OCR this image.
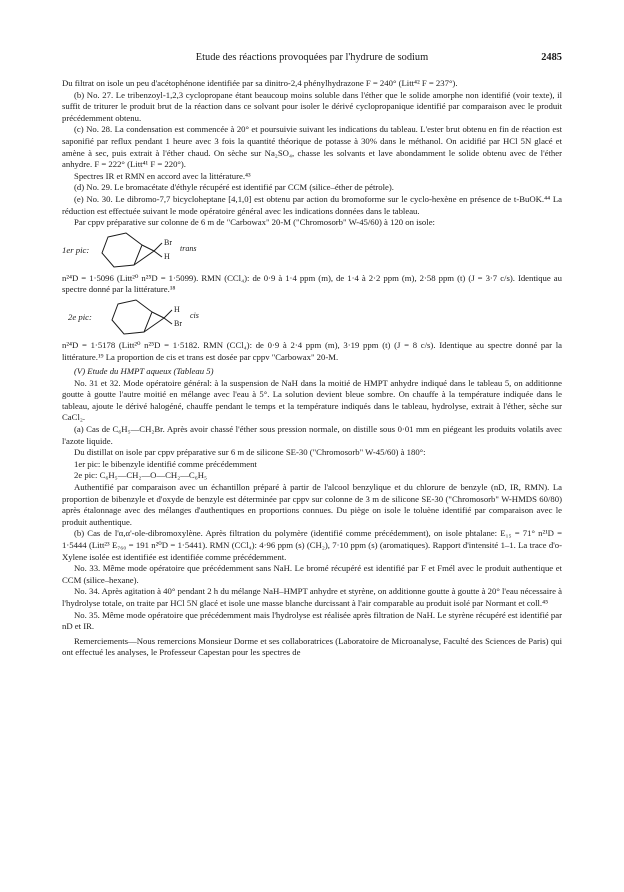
Etude des réactions provoquées par l'hydrure de sodium	2485

Du filtrat on isole un peu d'acétophénone identifiée par sa dinitro-2,4 phénylhydrazone F = 240° (Litt⁴² F = 237°).

(b) No. 27. Le tribenzoyl-1,2,3 cyclopropane étant beaucoup moins soluble dans l'éther que le solide amorphe non identifié (voir texte), il suffit de triturer le produit brut de la réaction dans ce solvant pour isoler le dérivé cyclopropanique identifié par comparaison avec le produit précédemment obtenu.

(c) No. 28. La condensation est commencée à 20° et poursuivie suivant les indications du tableau. L'ester brut obtenu en fin de réaction est saponifié par reflux pendant 1 heure avec 3 fois la quantité théorique de potasse à 30% dans le méthanol. On acidifié par HCl 5N glacé et amène à sec, puis extrait à l'éther chaud. On sèche sur Na₂SO₄, chasse les solvants et lave abondamment le solide obtenu avec de l'éther anhydre. F = 222° (Litt⁴¹ F = 220°).

Spectres IR et RMN en accord avec la littérature.⁴³

(d) No. 29. Le bromacétate d'éthyle récupéré est identifié par CCM (silice–éther de pétrole).

(e) No. 30. Le dibromo-7,7 bicycloheptane [4,1,0] est obtenu par action du bromoforme sur le cyclo-hexène en présence de t-BuOK.⁴⁴ La réduction est effectuée suivant le mode opératoire général avec les indications données dans le tableau.

Par cppv préparative sur colonne de 6 m de "Carbowax" 20-M ("Chromosorb" W-45/60) à 120 on isole:

1er pic:
Br
H
trans

n²⁴D = 1·5096 (Litt²⁰ n²⁵D = 1·5099). RMN (CCl₄): de 0·9 à 1·4 ppm (m), de 1·4 à 2·2 ppm (m), 2·58 ppm (t) (J = 3·7 c/s). Identique au spectre donné par la littérature.¹⁸

2e pic:
H
Br
cis

n²⁴D = 1·5178 (Litt²⁰ n²⁵D = 1·5182. RMN (CCl₄): de 0·9 à 2·4 ppm (m), 3·19 ppm (t) (J = 8 c/s). Identique au spectre donné par la littérature.¹⁹ La proportion de cis et trans est dosée par cppv "Carbowax" 20-M.

(V) Etude du HMPT aqueux (Tableau 5)

No. 31 et 32. Mode opératoire général: à la suspension de NaH dans la moitié de HMPT anhydre indiqué dans le tableau 5, on additionne goutte à goutte l'autre moitié en mélange avec l'eau à 5°. La solution devient bleue sombre. On chauffe à la température indiquée dans le tableau, ajoute le dérivé halogéné, chauffe pendant le temps et la température indiqués dans le tableau, hydrolyse, extrait à l'éther, sèche sur CaCl₂.

(a) Cas de C₆H₅—CH₂Br. Après avoir chassé l'éther sous pression normale, on distille sous 0·01 mm en piégeant les produits volatils avec l'azote liquide.

Du distillat on isole par cppv préparative sur 6 m de silicone SE-30 ("Chromosorb" W-45/60) à 180°:

1er pic: le bibenzyle identifié comme précédemment

2e pic: C₆H₅—CH₂—O—CH₂—C₆H₅

Authentifié par comparaison avec un échantillon préparé à partir de l'alcool benzylique et du chlorure de benzyle (nD, IR, RMN). La proportion de bibenzyle et d'oxyde de benzyle est déterminée par cppv sur colonne de 3 m de silicone SE-30 ("Chromosorb" W-HMDS 60/80) après étalonnage avec des mélanges d'authentiques en proportions connues. Du piège on isole le toluène identifié par comparaison avec le produit authentique.

(b) Cas de l'α,α'-ole-dibromoxylène. Après filtration du polymère (identifié comme précédemment), on isole phtalane: E₁₅ = 71° n²¹D = 1·5444 (Litt²³ E₇₆₀ = 191 n²⁰D = 1·5441). RMN (CCl₄): 4·96 ppm (s) (CH₂), 7·10 ppm (s) (aromatiques). Rapport d'intensité 1–1. La trace d'o-Xylene isolée est identifiée est identifiée comme précédemment.

No. 33. Même mode opératoire que précédemment sans NaH. Le bromé récupéré est identifié par F et Fmél avec le produit authentique et CCM (silice–hexane).

No. 34. Après agitation à 40° pendant 2 h du mélange NaH–HMPT anhydre et styrène, on additionne goutte à goutte à 20° l'eau nécessaire à l'hydrolyse totale, on traite par HCl 5N glacé et isole une masse blanche durcissant à l'air comparable au produit isolé par Normant et coll.⁴⁵

No. 35. Même mode opératoire que précédemment mais l'hydrolyse est réalisée après filtration de NaH. Le styrène récupéré est identifié par nD et IR.

Remerciements—Nous remercions Monsieur Dorme et ses collaboratrices (Laboratoire de Microanalyse, Faculté des Sciences de Paris) qui ont effectué les analyses, le Professeur Capestan pour les spectres de
